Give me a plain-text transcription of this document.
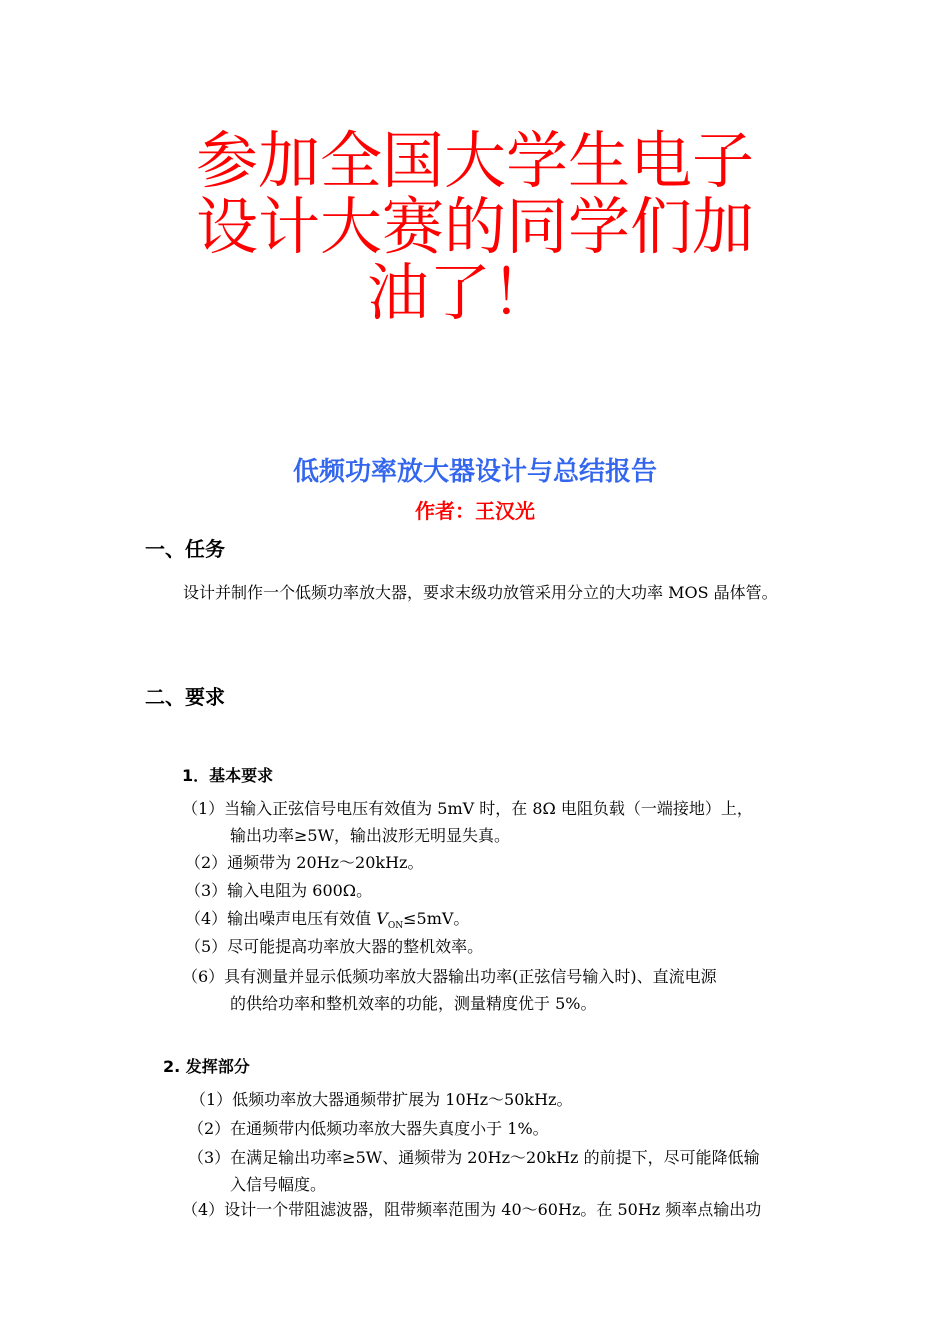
参加全国大学生电子
设计大赛的同学们加
油了！
低频功率放大器设计与总结报告
作者：王汉光
一、任务
设计并制作一个低频功率放大器，要求末级功放管采用分立的大功率 MOS 晶体管。
二、要求
1．基本要求
（1）当输入正弦信号电压有效值为 5mV 时，在 8Ω 电阻负载（一端接地）上，
输出功率≥5W，输出波形无明显失真。
（2）通频带为 20Hz～20kHz。
（3）输入电阻为 600Ω。
（4）输出噪声电压有效值 $V_{ON}\le 5mV$。
（5）尽可能提高功率放大器的整机效率。
（6）具有测量并显示低频功率放大器输出功率(正弦信号输入时)、直流电源
的供给功率和整机效率的功能，测量精度优于 5%。
2. 发挥部分
（1）低频功率放大器通频带扩展为 10Hz～50kHz。
（2）在通频带内低频功率放大器失真度小于 1%。
（3）在满足输出功率≥5W、通频带为 20Hz～20kHz 的前提下，尽可能降低输
入信号幅度。
（4）设计一个带阻滤波器，阻带频率范围为 40～60Hz。在 50Hz 频率点输出功
